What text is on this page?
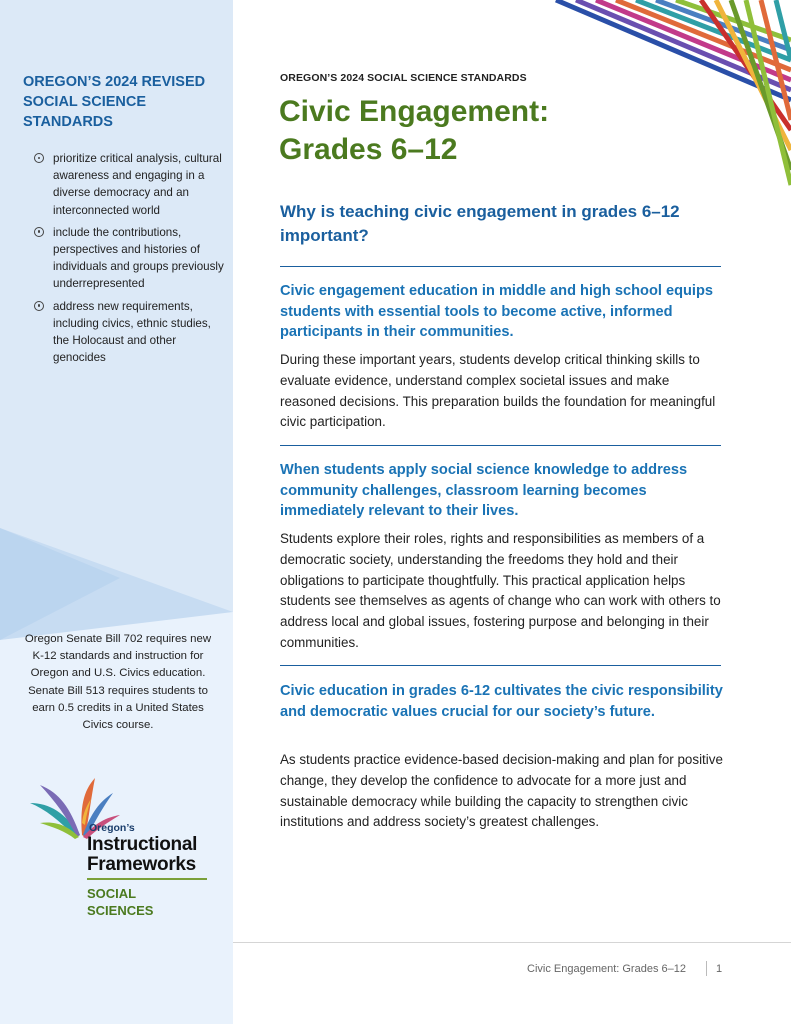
OREGON’S 2024 REVISED SOCIAL SCIENCE STANDARDS
prioritize critical analysis, cultural awareness and engaging in a diverse democracy and an interconnected world
include the contributions, perspectives and histories of individuals and groups previously underrepresented
address new requirements, including civics, ethnic studies, the Holocaust and other genocides
Oregon Senate Bill 702 requires new K-12 standards and instruction for Oregon and U.S. Civics education. Senate Bill 513 requires students to earn 0.5 credits in a United States Civics course.
Oregon’s
Instructional
Frameworks
SOCIAL
SCIENCES
OREGON’S 2024 SOCIAL SCIENCE STANDARDS
Civic Engagement: Grades 6–12
Why is teaching civic engagement in grades 6–12 important?
Civic engagement education in middle and high school equips students with essential tools to become active, informed participants in their communities.

During these important years, students develop critical thinking skills to evaluate evidence, understand complex societal issues and make reasoned decisions. This preparation builds the foundation for meaningful civic participation.

When students apply social science knowledge to address community challenges, classroom learning becomes immediately relevant to their lives.

Students explore their roles, rights and responsibilities as members of a democratic society, understanding the freedoms they hold and their obligations to participate thoughtfully. This practical application helps students see themselves as agents of change who can work with others to address local and global issues, fostering purpose and belonging in their communities.

Civic education in grades 6-12 cultivates the civic responsibility and democratic values crucial for our society’s future.

As students practice evidence-based decision-making and plan for positive change, they develop the confidence to advocate for a more just and sustainable democracy while building the capacity to strengthen civic institutions and address society’s greatest challenges.

Civic Engagement: Grades 6–12	1
